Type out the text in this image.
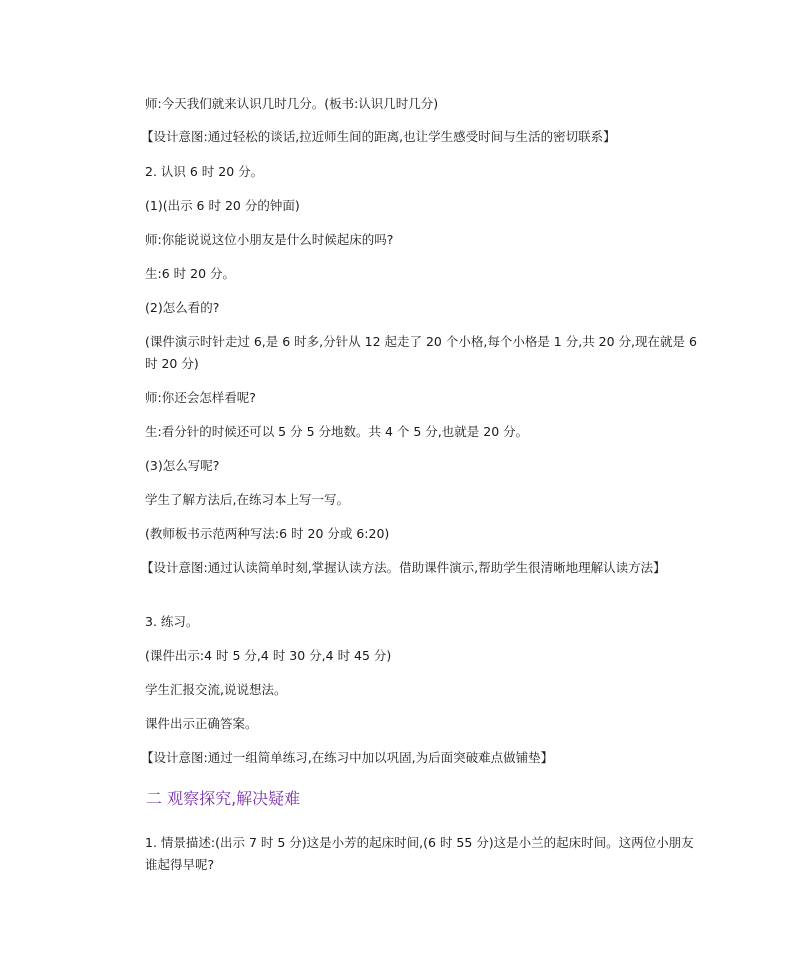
师:今天我们就来认识几时几分。(板书:认识几时几分)
【设计意图:通过轻松的谈话,拉近师生间的距离,也让学生感受时间与生活的密切联系】
2. 认识 6 时 20 分。
(1)(出示 6 时 20 分的钟面)
师:你能说说这位小朋友是什么时候起床的吗?
生:6 时 20 分。
(2)怎么看的?
(课件演示时针走过 6,是 6 时多,分针从 12 起走了 20 个小格,每个小格是 1 分,共 20 分,现在就是 6 时 20 分)
师:你还会怎样看呢?
生:看分针的时候还可以 5 分 5 分地数。共 4 个 5 分,也就是 20 分。
(3)怎么写呢?
学生了解方法后,在练习本上写一写。
(教师板书示范两种写法:6 时 20 分或 6:20)
【设计意图:通过认读简单时刻,掌握认读方法。借助课件演示,帮助学生很清晰地理解认读方法】
3. 练习。
(课件出示:4 时 5 分,4 时 30 分,4 时 45 分)
学生汇报交流,说说想法。
课件出示正确答案。
【设计意图:通过一组简单练习,在练习中加以巩固,为后面突破难点做铺垫】
二 观察探究,解决疑难
1. 情景描述:(出示 7 时 5 分)这是小芳的起床时间,(6 时 55 分)这是小兰的起床时间。这两位小朋友谁起得早呢?
